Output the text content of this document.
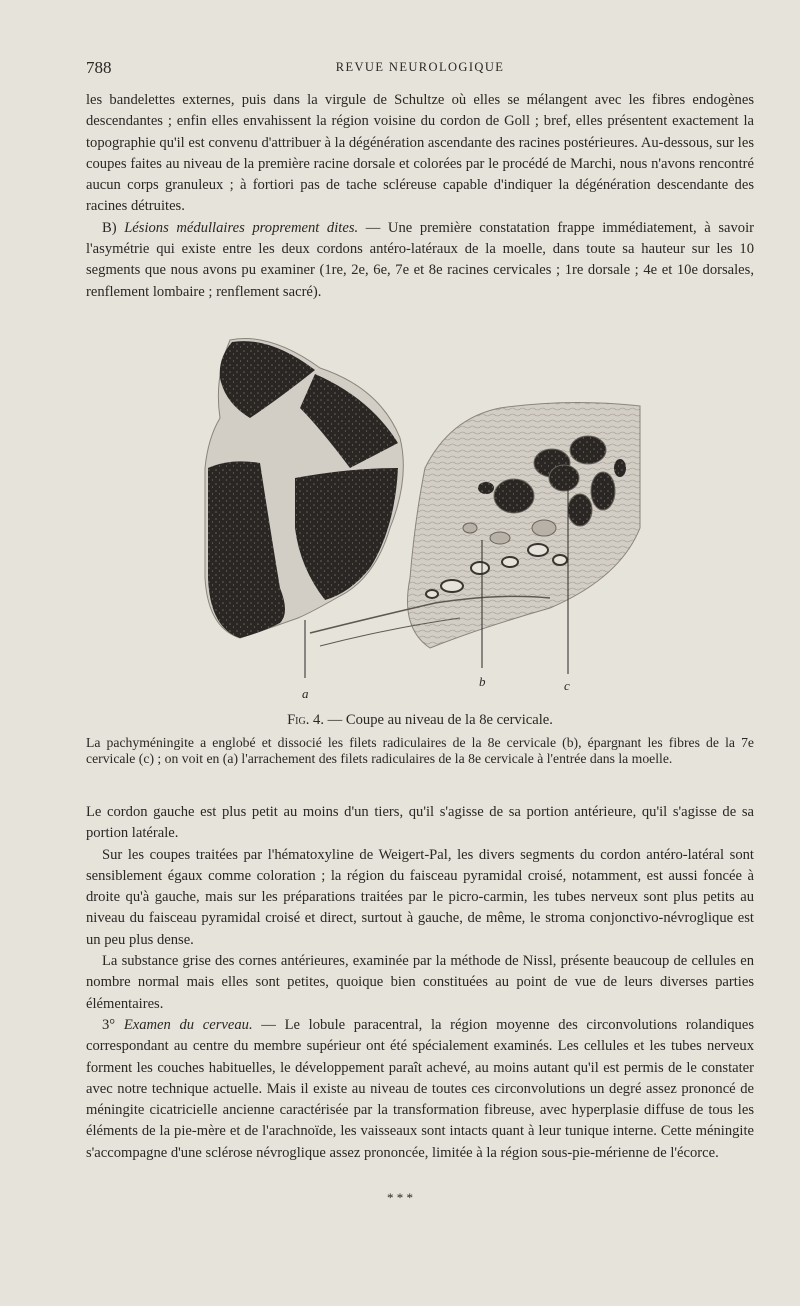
788	REVUE NEUROLOGIQUE

les bandelettes externes, puis dans la virgule de Schultze où elles se mélangent avec les fibres endogènes descendantes ; enfin elles envahissent la région voisine du cordon de Goll ; bref, elles présentent exactement la topographie qu'il est convenu d'attribuer à la dégénération ascendante des racines postérieures. Au-dessous, sur les coupes faites au niveau de la première racine dorsale et colorées par le procédé de Marchi, nous n'avons rencontré aucun corps granuleux ; à fortiori pas de tache scléreuse capable d'indiquer la dégénération descendante des racines détruites.

B) Lésions médullaires proprement dites. — Une première constatation frappe immédiatement, à savoir l'asymétrie qui existe entre les deux cordons antéro-latéraux de la moelle, dans toute sa hauteur sur les 10 segments que nous avons pu examiner (1re, 2e, 6e, 7e et 8e racines cervicales ; 1re dorsale ; 4e et 10e dorsales, renflement lombaire ; renflement sacré).

a
b	c
Fig. 4. — Coupe au niveau de la 8e cervicale.
La pachyméningite a englobé et dissocié les filets radiculaires de la 8e cervicale (b), épargnant les fibres de la 7e cervicale (c) ; on voit en (a) l'arrachement des filets radiculaires de la 8e cervicale à l'entrée dans la moelle.

Le cordon gauche est plus petit au moins d'un tiers, qu'il s'agisse de sa portion antérieure, qu'il s'agisse de sa portion latérale.

Sur les coupes traitées par l'hématoxyline de Weigert-Pal, les divers segments du cordon antéro-latéral sont sensiblement égaux comme coloration ; la région du faisceau pyramidal croisé, notamment, est aussi foncée à droite qu'à gauche, mais sur les préparations traitées par le picro-carmin, les tubes nerveux sont plus petits au niveau du faisceau pyramidal croisé et direct, surtout à gauche, de même, le stroma conjonctivo-névroglique est un peu plus dense.

La substance grise des cornes antérieures, examinée par la méthode de Nissl, présente beaucoup de cellules en nombre normal mais elles sont petites, quoique bien constituées au point de vue de leurs diverses parties élémentaires.

3° Examen du cerveau. — Le lobule paracentral, la région moyenne des circonvolutions rolandiques correspondant au centre du membre supérieur ont été spécialement examinés. Les cellules et les tubes nerveux forment les couches habituelles, le développement paraît achevé, au moins autant qu'il est permis de le constater avec notre technique actuelle. Mais il existe au niveau de toutes ces circonvolutions un degré assez prononcé de méningite cicatricielle ancienne caractérisée par la transformation fibreuse, avec hyperplasie diffuse de tous les éléments de la pie-mère et de l'arachnoïde, les vaisseaux sont intacts quant à leur tunique interne. Cette méningite s'accompagne d'une sclérose névroglique assez prononcée, limitée à la région sous-pie-mérienne de l'écorce.

* * *
